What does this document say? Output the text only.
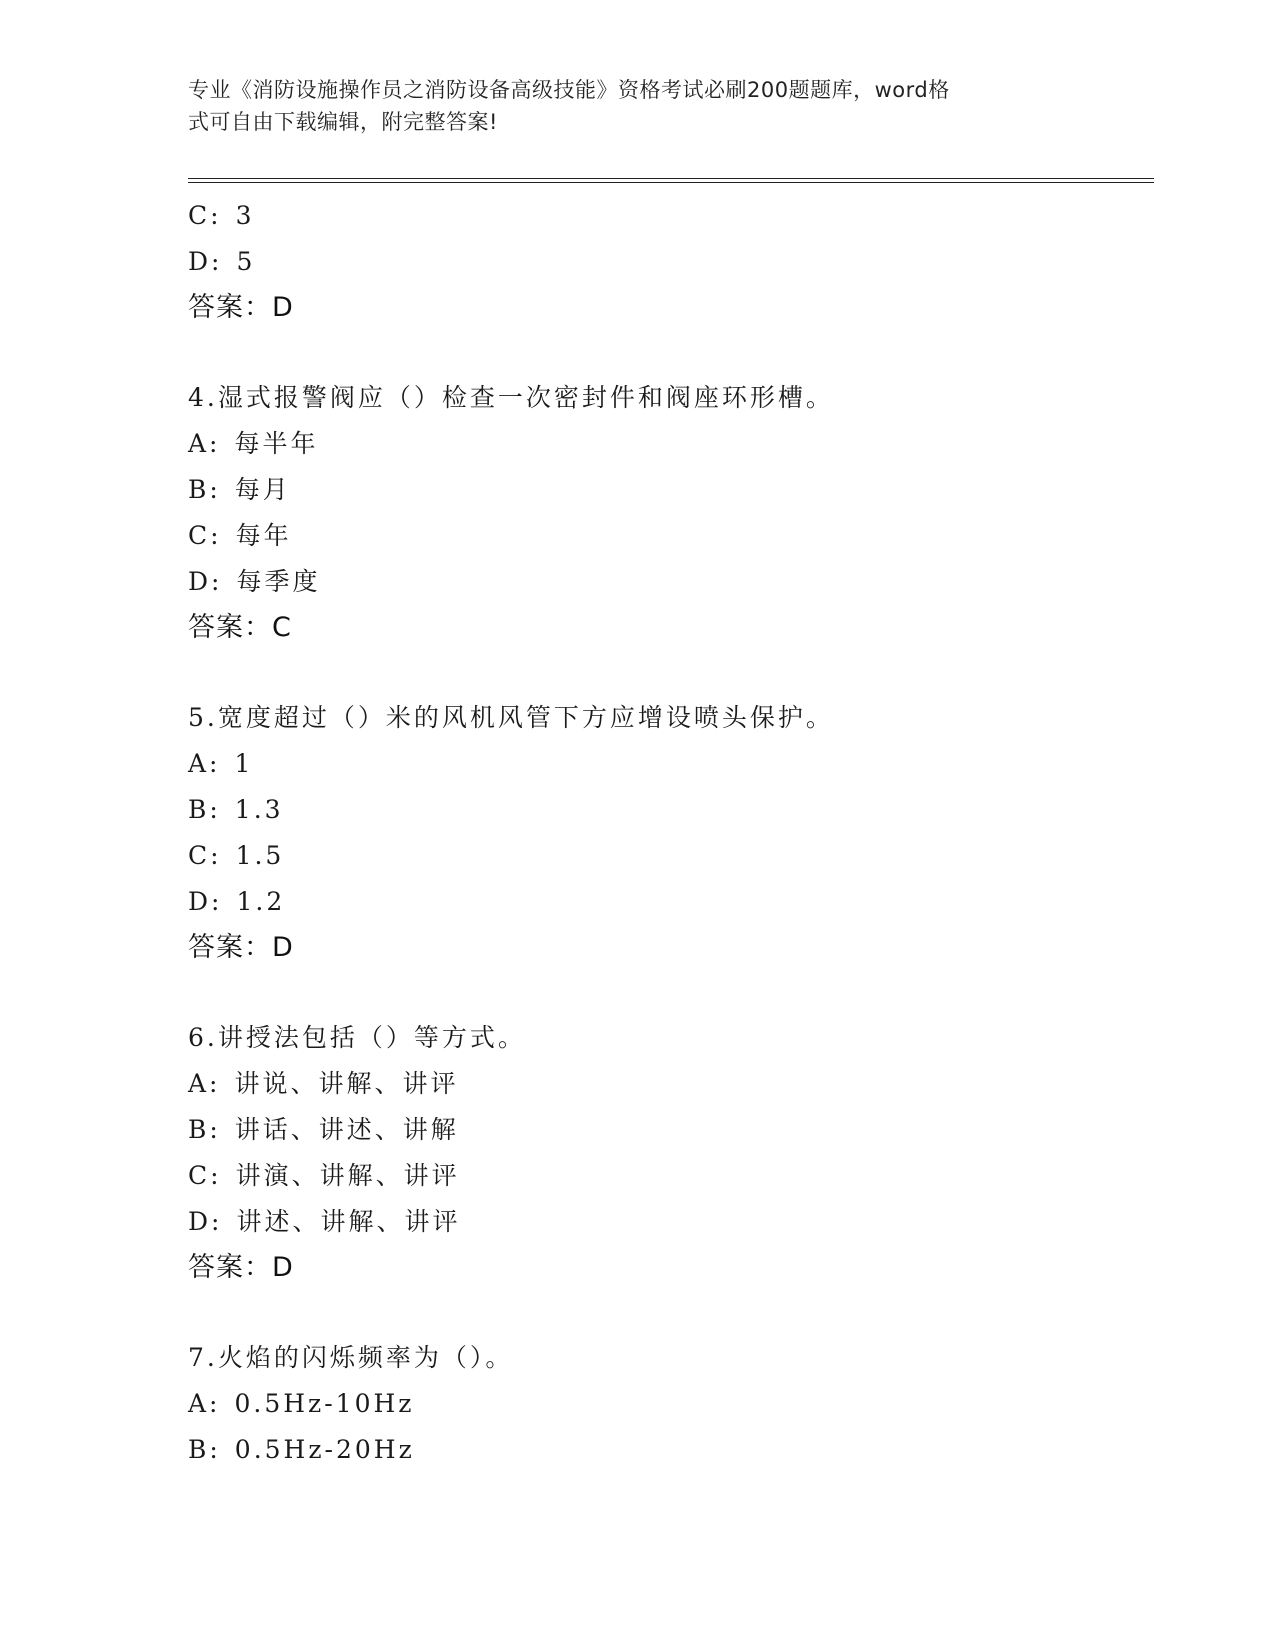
专业《消防设施操作员之消防设备高级技能》资格考试必刷200题题库，word格
式可自由下载编辑，附完整答案!
C: 3
D: 5
答案：D
4.湿式报警阀应（）检查一次密封件和阀座环形槽。
A: 每半年
B: 每月
C: 每年
D: 每季度
答案：C
5.宽度超过（）米的风机风管下方应增设喷头保护。
A: 1
B: 1.3
C: 1.5
D: 1.2
答案：D
6.讲授法包括（）等方式。
A: 讲说、讲解、讲评
B: 讲话、讲述、讲解
C: 讲演、讲解、讲评
D: 讲述、讲解、讲评
答案：D
7.火焰的闪烁频率为（）。
A: 0.5Hz-10Hz
B: 0.5Hz-20Hz
